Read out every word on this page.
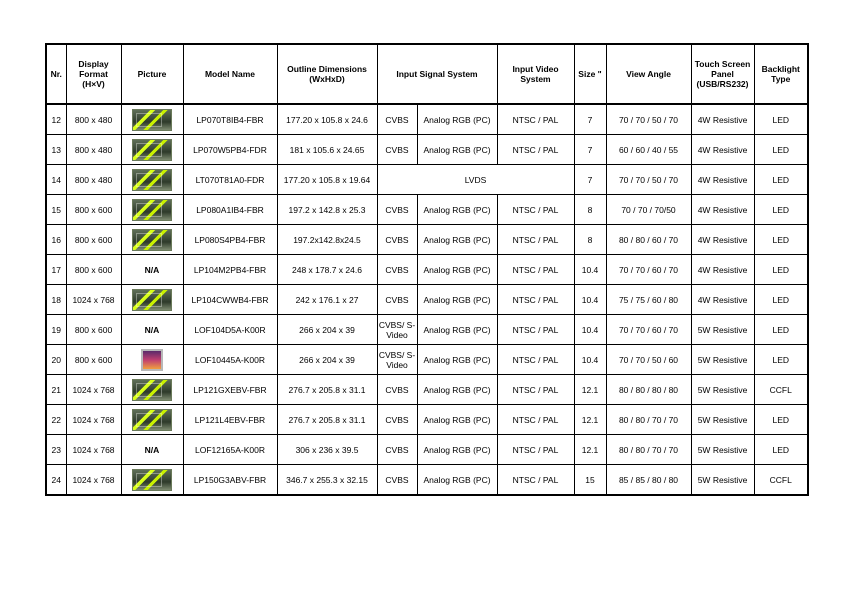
Nr.	Display Format (H×V)	Picture	Model Name	Outline Dimensions (WxHxD)	Input Signal System		Input Video System	Size "	View Angle	Touch Screen Panel (USB/RS232)	Backlight Type
12	800 x 480		LP070T8IB4-FBR	177.20 x 105.8 x 24.6	CVBS	Analog RGB (PC)	NTSC / PAL	7	70 / 70 / 50 / 70	4W Resistive	LED
13	800 x 480		LP070W5PB4-FDR	181 x 105.6 x 24.65	CVBS	Analog RGB (PC)	NTSC / PAL	7	60 / 60 / 40 / 55	4W Resistive	LED
14	800 x 480		LT070T81A0-FDR	177.20 x 105.8 x 19.64	LVDS			7	70 / 70 / 50 / 70	4W Resistive	LED
15	800 x 600		LP080A1IB4-FBR	197.2 x 142.8 x 25.3	CVBS	Analog RGB (PC)	NTSC / PAL	8	70 / 70 / 70/50	4W Resistive	LED
16	800 x 600		LP080S4PB4-FBR	197.2x142.8x24.5	CVBS	Analog RGB (PC)	NTSC / PAL	8	80 / 80 / 60 / 70	4W Resistive	LED
17	800 x 600	N/A	LP104M2PB4-FBR	248 x 178.7 x 24.6	CVBS	Analog RGB (PC)	NTSC / PAL	10.4	70 / 70 / 60 / 70	4W Resistive	LED
18	1024 x 768		LP104CWWB4-FBR	242 x 176.1 x 27	CVBS	Analog RGB (PC)	NTSC / PAL	10.4	75 / 75 / 60 / 80	4W Resistive	LED
19	800 x 600	N/A	LOF104D5A-K00R	266 x 204 x 39	CVBS/ S-Video	Analog RGB (PC)	NTSC / PAL	10.4	70 / 70 / 60 / 70	5W Resistive	LED
20	800 x 600		LOF10445A-K00R	266 x 204 x 39	CVBS/ S-Video	Analog RGB (PC)	NTSC / PAL	10.4	70 / 70 / 50 / 60	5W Resistive	LED
21	1024 x 768		LP121GXEBV-FBR	276.7 x 205.8 x 31.1	CVBS	Analog RGB (PC)	NTSC / PAL	12.1	80 / 80 / 80 / 80	5W Resistive	CCFL
22	1024 x 768		LP121L4EBV-FBR	276.7 x 205.8 x 31.1	CVBS	Analog RGB (PC)	NTSC / PAL	12.1	80 / 80 / 70 / 70	5W Resistive	LED
23	1024 x 768	N/A	LOF12165A-K00R	306 x 236 x 39.5	CVBS	Analog RGB (PC)	NTSC / PAL	12.1	80 / 80 / 70 / 70	5W Resistive	LED
24	1024 x 768		LP150G3ABV-FBR	346.7 x 255.3 x 32.15	CVBS	Analog RGB (PC)	NTSC / PAL	15	85 / 85 / 80 / 80	5W Resistive	CCFL
